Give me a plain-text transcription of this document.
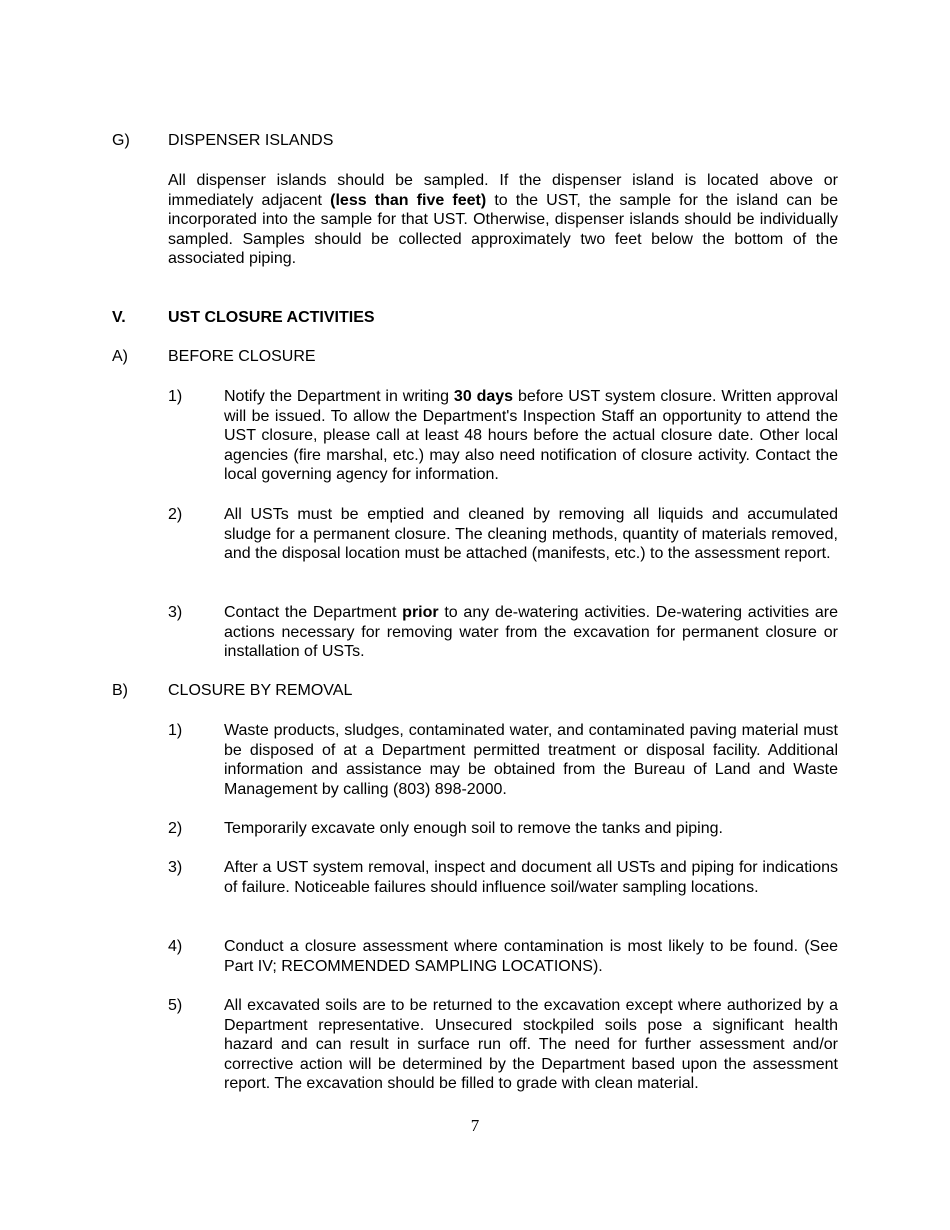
G) DISPENSER ISLANDS

All dispenser islands should be sampled. If the dispenser island is located above or immediately adjacent (less than five feet) to the UST, the sample for the island can be incorporated into the sample for that UST. Otherwise, dispenser islands should be individually sampled. Samples should be collected approximately two feet below the bottom of the associated piping.

V.	UST CLOSURE ACTIVITIES

A)	BEFORE CLOSURE

1)	Notify the Department in writing 30 days before UST system closure. Written approval will be issued. To allow the Department's Inspection Staff an opportunity to attend the UST closure, please call at least 48 hours before the actual closure date. Other local agencies (fire marshal, etc.) may also need notification of closure activity. Contact the local governing agency for information.

2)	All USTs must be emptied and cleaned by removing all liquids and accumulated sludge for a permanent closure. The cleaning methods, quantity of materials removed, and the disposal location must be attached (manifests, etc.) to the assessment report.

3)	Contact the Department prior to any de-watering activities. De-watering activities are actions necessary for removing water from the excavation for permanent closure or installation of USTs.

B)	CLOSURE BY REMOVAL

1)	Waste products, sludges, contaminated water, and contaminated paving material must be disposed of at a Department permitted treatment or disposal facility. Additional information and assistance may be obtained from the Bureau of Land and Waste Management by calling (803) 898-2000.

2)	Temporarily excavate only enough soil to remove the tanks and piping.

3)	After a UST system removal, inspect and document all USTs and piping for indications of failure. Noticeable failures should influence soil/water sampling locations.

4)	Conduct a closure assessment where contamination is most likely to be found. (See Part IV; RECOMMENDED SAMPLING LOCATIONS).

5)	All excavated soils are to be returned to the excavation except where authorized by a Department representative. Unsecured stockpiled soils pose a significant health hazard and can result in surface run off. The need for further assessment and/or corrective action will be determined by the Department based upon the assessment report. The excavation should be filled to grade with clean material.

7
